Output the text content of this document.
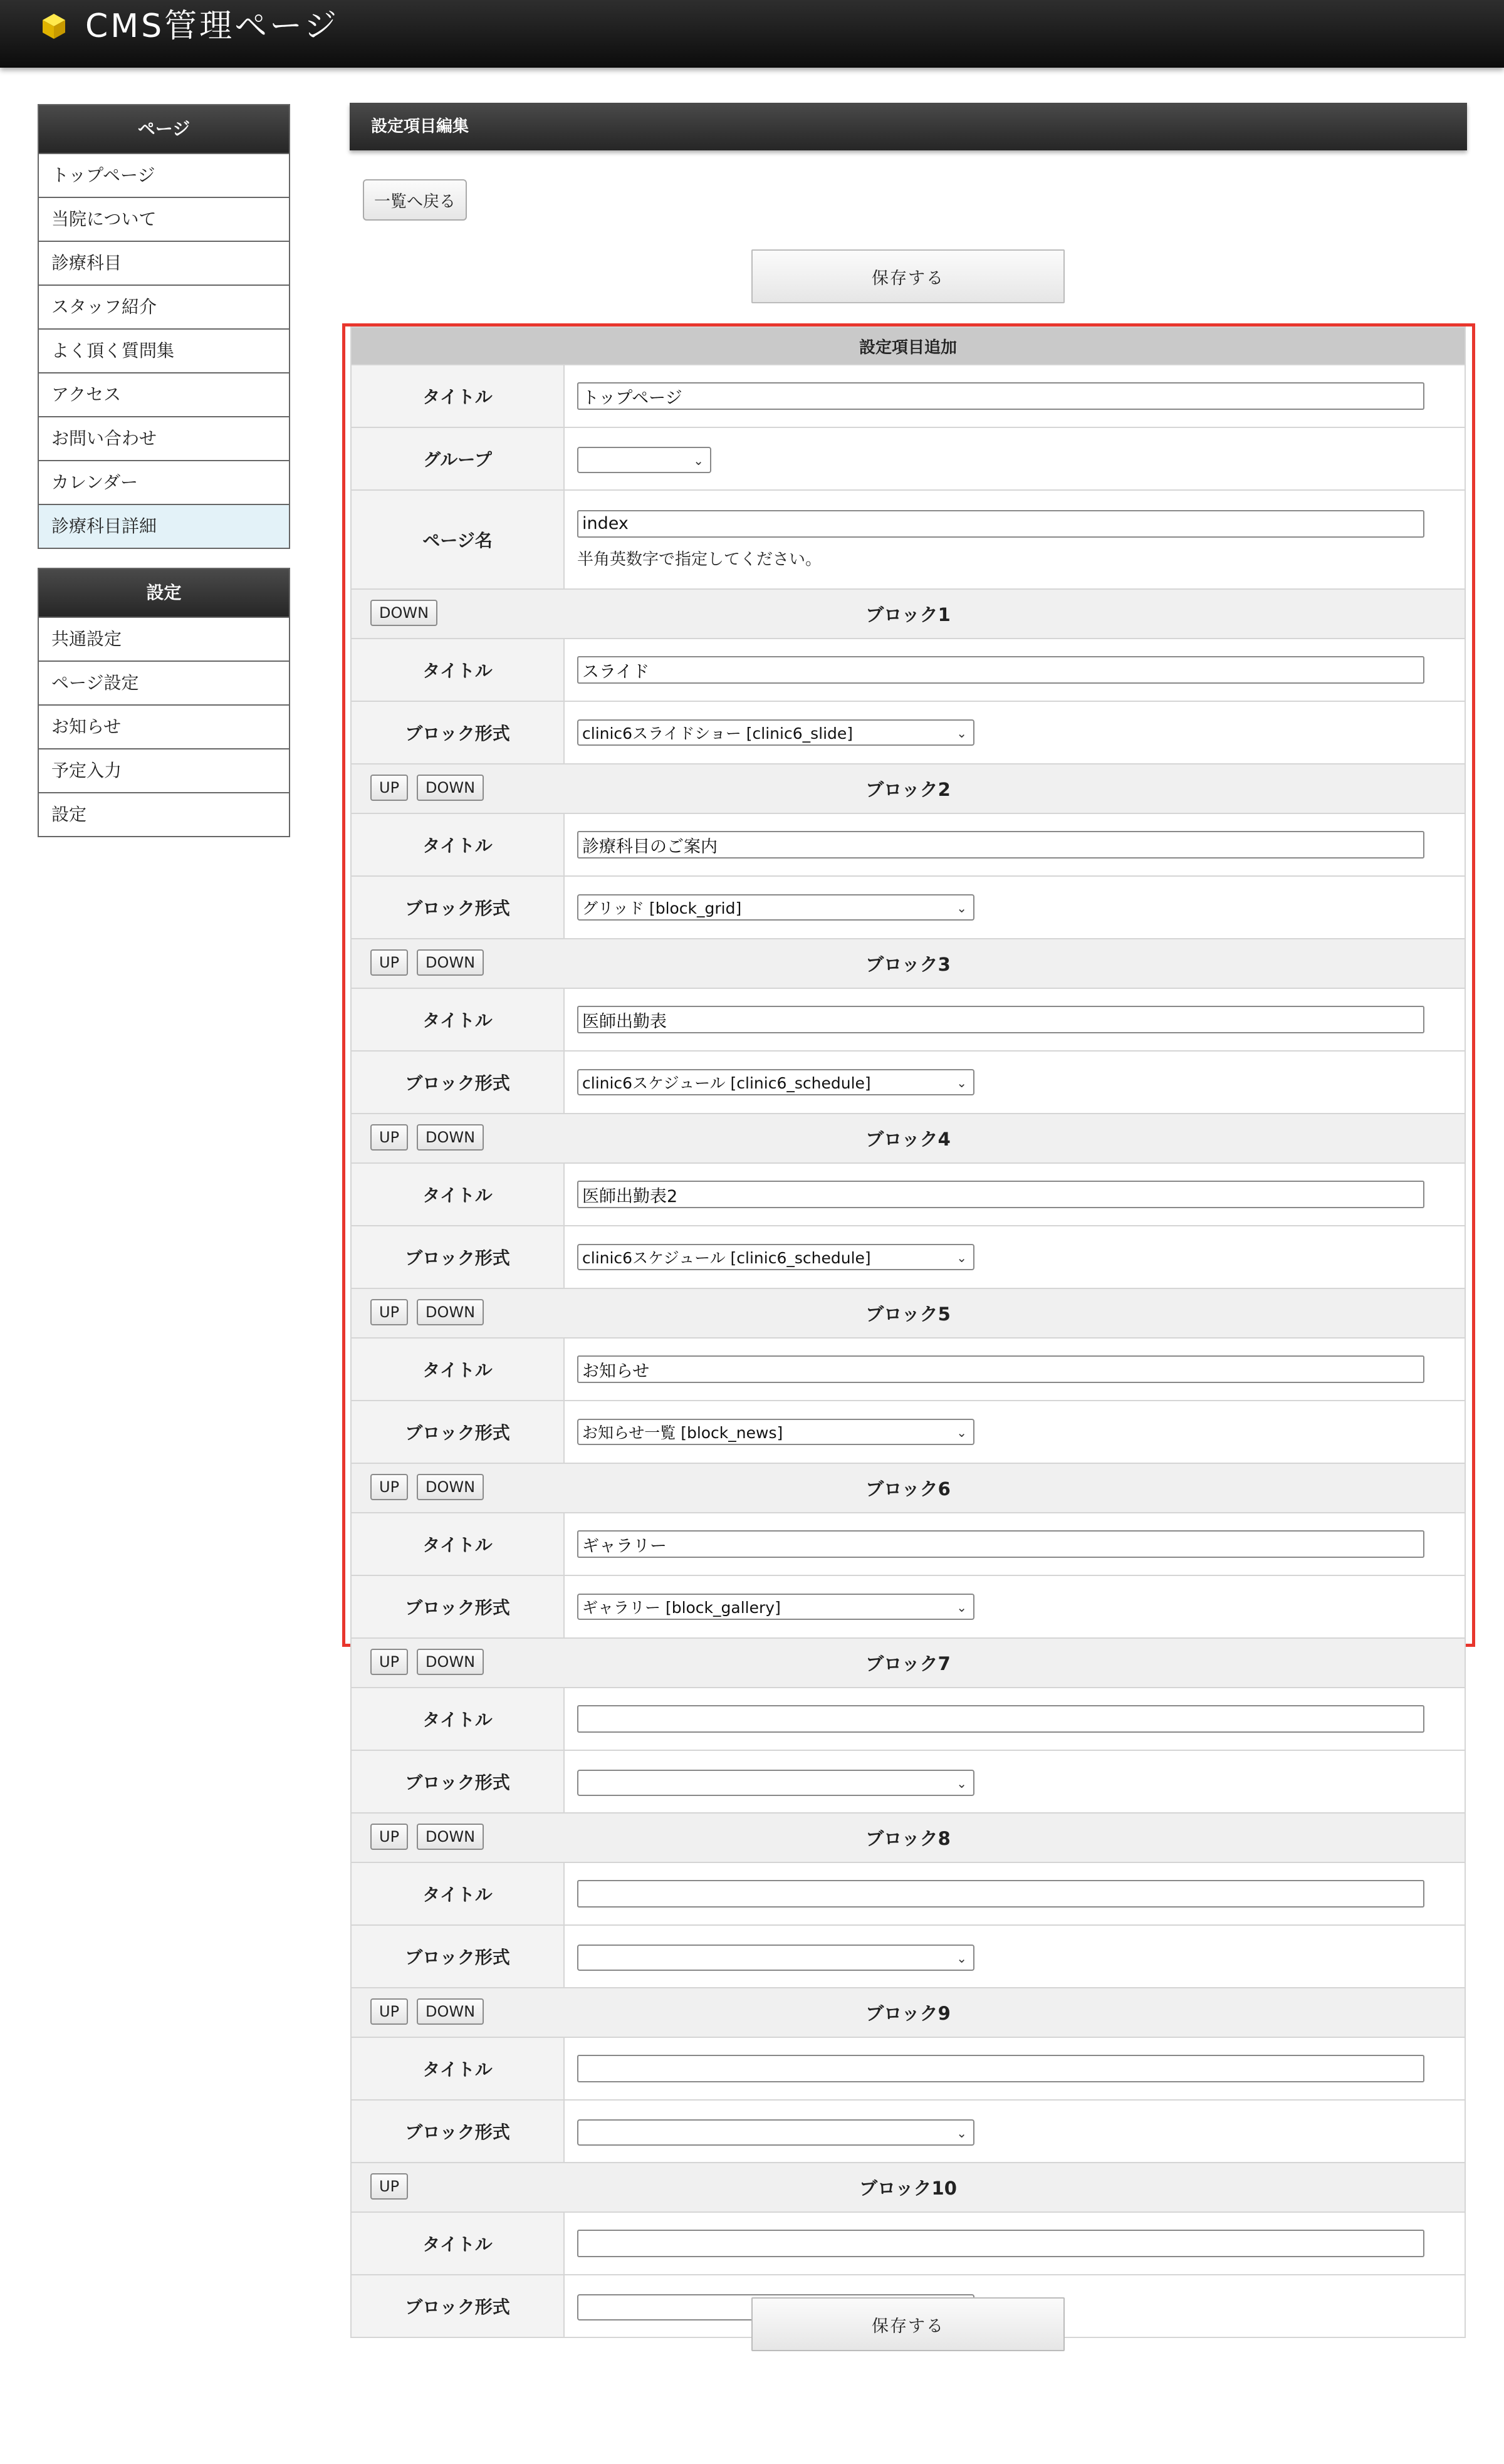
CMS管理ページ
ページ
トップページ
当院について
診療科目
スタッフ紹介
よく頂く質問集
アクセス
お問い合わせ
カレンダー
診療科目詳細
設定
共通設定
ページ設定
お知らせ
予定入力
設定
設定項目編集
一覧へ戻る
保存する
設定項目追加	
タイトル	トップページ
グループ	⌄

ページ名	index
半角英数字で指定してください。

DOWN ブロック1	

タイトル	スライド
ブロック形式	clinic6スライドショー [clinic6_slide] ⌄

UP DOWN ブロック2	

タイトル	診療科目のご案内
ブロック形式	グリッド [block_grid] ⌄

UP DOWN ブロック3	

タイトル	医師出勤表
ブロック形式	clinic6スケジュール [clinic6_schedule] ⌄

UP DOWN ブロック4	

タイトル	医師出勤表2
ブロック形式	clinic6スケジュール [clinic6_schedule] ⌄

UP DOWN ブロック5	

タイトル	お知らせ
ブロック形式	お知らせ一覧 [block_news] ⌄

UP DOWN ブロック6	

タイトル	ギャラリー
ブロック形式	ギャラリー [block_gallery] ⌄

UP DOWN ブロック7	

タイトル	
ブロック形式	⌄

UP DOWN ブロック8	

タイトル	
ブロック形式	⌄

UP DOWN ブロック9	

タイトル	
ブロック形式	⌄

UP ブロック10	

タイトル	
ブロック形式	
保存する
